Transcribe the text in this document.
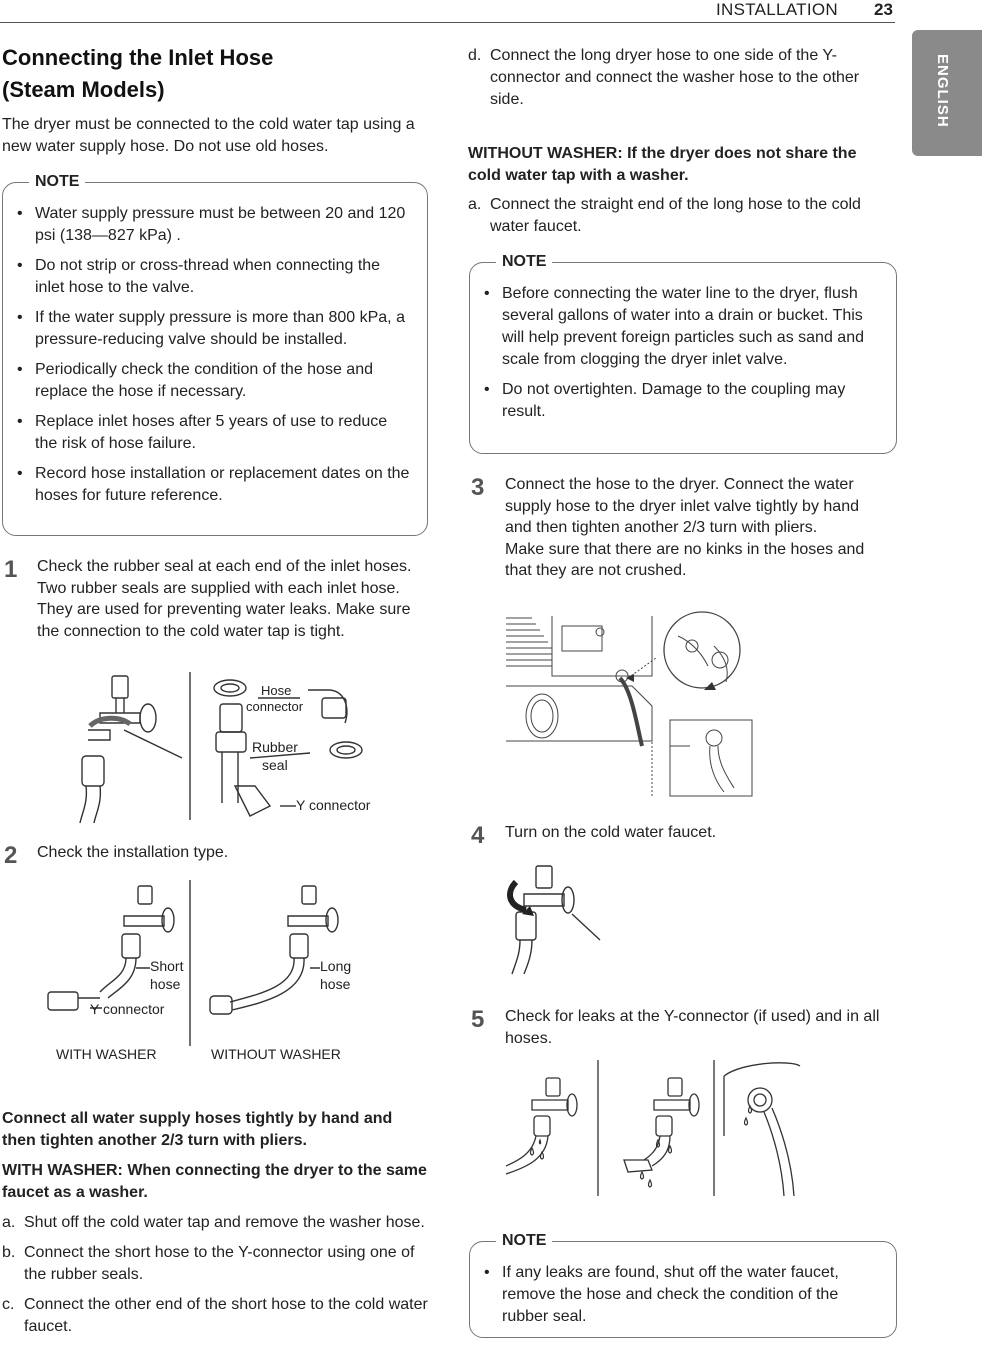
INSTALLATION 23
ENGLISH
Connecting the Inlet Hose
(Steam Models)
The dryer must be connected to the cold water tap using a new water supply hose. Do not use old hoses.
NOTE
• Water supply pressure must be between 20 and 120 psi (138—827 kPa) .
• Do not strip or cross-thread when connecting the inlet hose to the valve.
• If the water supply pressure is more than 800 kPa, a pressure-reducing valve should be installed.
• Periodically check the condition of the hose and replace the hose if necessary.
• Replace inlet hoses after 5 years of use to reduce the risk of hose failure.
• Record hose installation or replacement dates on the hoses for future reference.
1 Check the rubber seal at each end of the inlet hoses. Two rubber seals are supplied with each inlet hose. They are used for preventing water leaks. Make sure the connection to the cold water tap is tight.
Hose
connector
Rubber
seal
Y connector
2 Check the installation type.
Short
hose
Y connector
Long
hose
WITH WASHER	WITHOUT WASHER
Connect all water supply hoses tightly by hand and then tighten another 2/3 turn with pliers.
WITH WASHER: When connecting the dryer to the same faucet as a washer.
a. Shut off the cold water tap and remove the washer hose.
b. Connect the short hose to the Y-connector using one of the rubber seals.
c. Connect the other end of the short hose to the cold water faucet.
d. Connect the long dryer hose to one side of the Y-connector and connect the washer hose to the other side.
WITHOUT WASHER: If the dryer does not share the cold water tap with a washer.
a. Connect the straight end of the long hose to the cold water faucet.
NOTE
• Before connecting the water line to the dryer, flush several gallons of water into a drain or bucket. This will help prevent foreign particles such as sand and scale from clogging the dryer inlet valve.
• Do not overtighten. Damage to the coupling may result.
3 Connect the hose to the dryer. Connect the water supply hose to the dryer inlet valve tightly by hand and then tighten another 2/3 turn with pliers.
Make sure that there are no kinks in the hoses and that they are not crushed.
4 Turn on the cold water faucet.
5 Check for leaks at the Y-connector (if used) and in all hoses.
NOTE
• If any leaks are found, shut off the water faucet, remove the hose and check the condition of the rubber seal.
